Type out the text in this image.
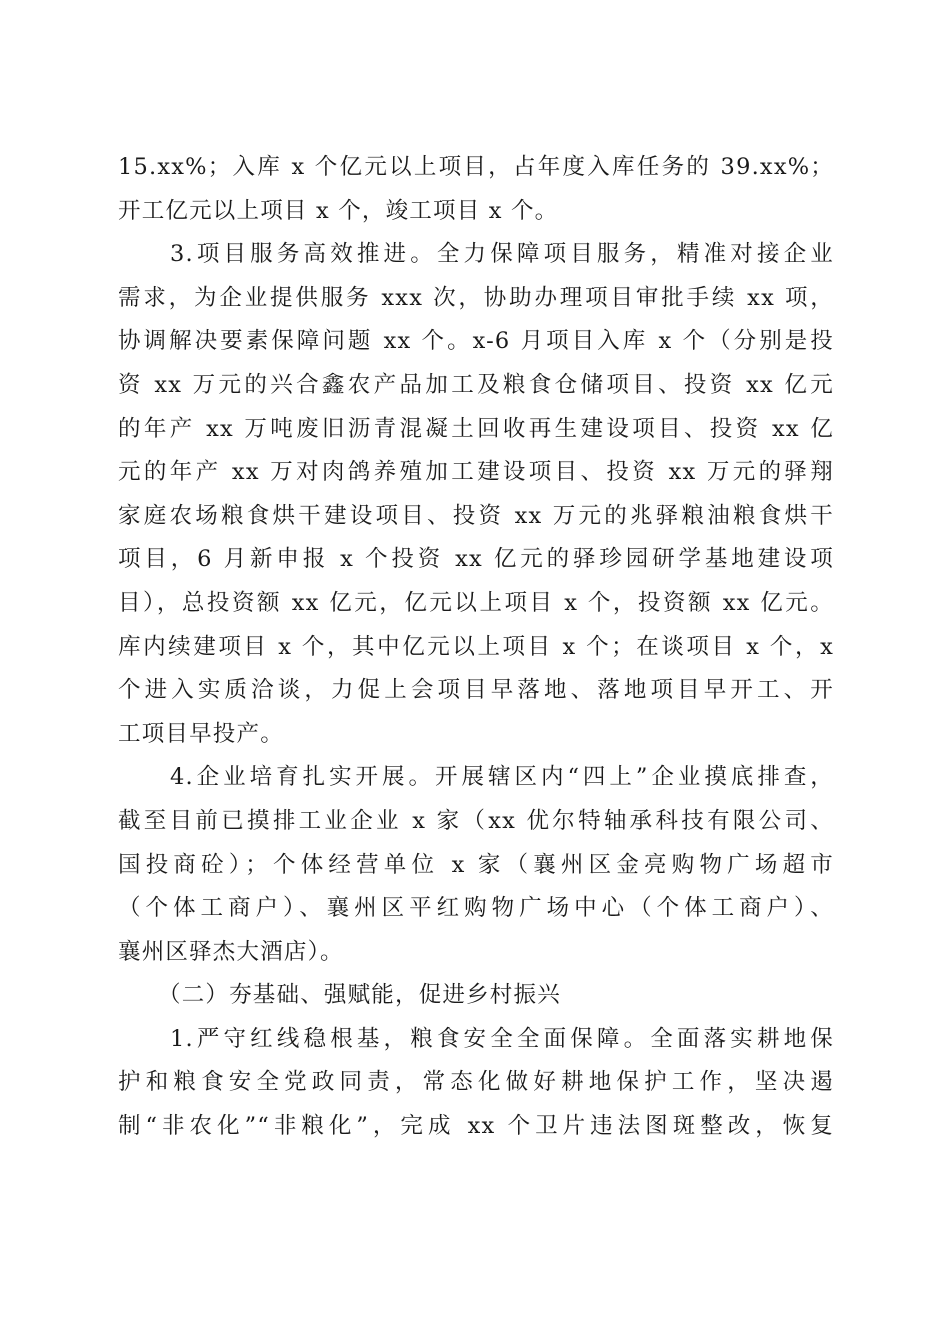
15.xx%；入库 x 个亿元以上项目，占年度入库任务的 39.xx%；
开工亿元以上项目 x 个，竣工项目 x 个。
3.项目服务高效推进。全力保障项目服务，精准对接企业
需求，为企业提供服务 xxx 次，协助办理项目审批手续 xx 项，
协调解决要素保障问题 xx 个。x-6 月项目入库 x 个（分别是投
资 xx 万元的兴合鑫农产品加工及粮食仓储项目、投资 xx 亿元
的年产 xx 万吨废旧沥青混凝土回收再生建设项目、投资 xx 亿
元的年产 xx 万对肉鸽养殖加工建设项目、投资 xx 万元的驿翔
家庭农场粮食烘干建设项目、投资 xx 万元的兆驿粮油粮食烘干
项目，6 月新申报 x 个投资 xx 亿元的驿珍园研学基地建设项
目），总投资额 xx 亿元，亿元以上项目 x 个，投资额 xx 亿元。
库内续建项目 x 个，其中亿元以上项目 x 个；在谈项目 x 个，x
个进入实质洽谈，力促上会项目早落地、落地项目早开工、开
工项目早投产。
4.企业培育扎实开展。开展辖区内“四上”企业摸底排查，
截至目前已摸排工业企业 x 家（xx 优尔特轴承科技有限公司、
国投商砼）；个体经营单位 x 家（襄州区金亮购物广场超市
（个体工商户）、襄州区平红购物广场中心（个体工商户）、
襄州区驿杰大酒店）。
（二）夯基础、强赋能，促进乡村振兴
1.严守红线稳根基，粮食安全全面保障。全面落实耕地保
护和粮食安全党政同责，常态化做好耕地保护工作，坚决遏
制“非农化”“非粮化”，完成 xx 个卫片违法图斑整改，恢复
